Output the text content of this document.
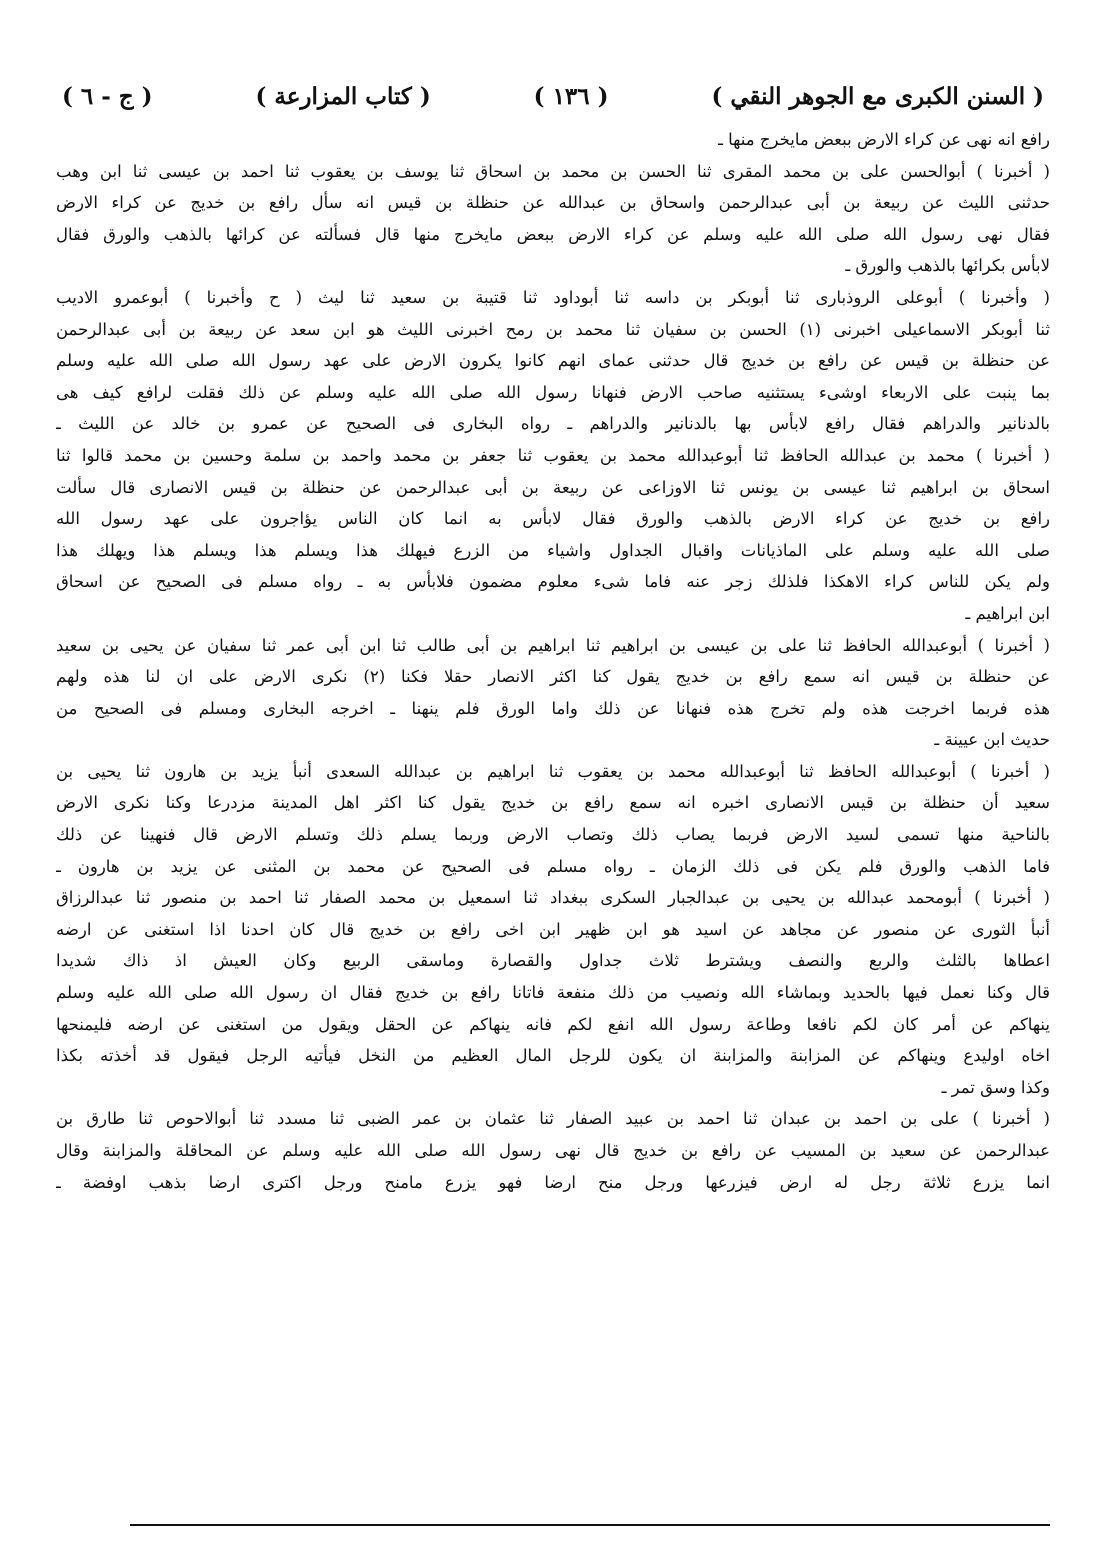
( السنن الكبرى مع الجوهر النقي )
( ١٣٦ )
( كتاب المزارعة )
( ج - ٦ )
رافع انه نهى عن كراء الارض ببعض مايخرج منها ـ
( أخبرنا ) أبوالحسن على بن محمد المقرى ثنا الحسن بن محمد بن اسحاق ثنا يوسف بن يعقوب ثنا احمد بن عيسى ثنا ابن وهب
حدثنى الليث عن ربيعة بن أبى عبدالرحمن واسحاق بن عبدالله عن حنظلة بن قيس انه سأل رافع بن خديج عن كراء الارض
فقال نهى رسول الله صلى الله عليه وسلم عن كراء الارض ببعض مايخرج منها قال فسألته عن كرائها بالذهب والورق فقال
لابأس بكرائها بالذهب والورق ـ
( وأخبرنا ) أبوعلى الروذبارى ثنا أبوبكر بن داسه ثنا أبوداود ثنا قتيبة بن سعيد ثنا ليث ( ح وأخبرنا ) أبوعمرو الاديب
ثنا أبوبكر الاسماعيلى اخبرنى (١) الحسن بن سفيان ثنا محمد بن رمح اخبرنى الليث هو ابن سعد عن ربيعة بن أبى عبدالرحمن
عن حنظلة بن قيس عن رافع بن خديج قال حدثنى عماى انهم كانوا يكرون الارض على عهد رسول الله صلى الله عليه وسلم
بما ينبت على الاربعاء اوشىء يستثنيه صاحب الارض فنهانا رسول الله صلى الله عليه وسلم عن ذلك فقلت لرافع كيف هى
بالدنانير والدراهم فقال رافع لابأس بها بالدنانير والدراهم ـ رواه البخارى فى الصحيح عن عمرو بن خالد عن الليث ـ
( أخبرنا ) محمد بن عبدالله الحافظ ثنا أبوعبدالله محمد بن يعقوب ثنا جعفر بن محمد واحمد بن سلمة وحسين بن محمد قالوا ثنا
اسحاق بن ابراهيم ثنا عيسى بن يونس ثنا الاوزاعى عن ربيعة بن أبى عبدالرحمن عن حنظلة بن قيس الانصارى قال سألت
رافع بن خديج عن كراء الارض بالذهب والورق فقال لابأس به انما كان الناس يؤاجرون على عهد رسول الله
صلى الله عليه وسلم على الماذيانات واقبال الجداول واشياء من الزرع فيهلك هذا ويسلم هذا ويسلم هذا ويهلك هذا
ولم يكن للناس كراء الاهكذا فلذلك زجر عنه فاما شىء معلوم مضمون فلابأس به ـ رواه مسلم فى الصحيح عن اسحاق
ابن ابراهيم ـ
( أخبرنا ) أبوعبدالله الحافظ ثنا على بن عيسى بن ابراهيم ثنا ابراهيم بن أبى طالب ثنا ابن أبى عمر ثنا سفيان عن يحيى بن سعيد
عن حنظلة بن قيس انه سمع رافع بن خديج يقول كنا اكثر الانصار حقلا فكنا (٢) نكرى الارض على ان لنا هذه ولهم
هذه فربما اخرجت هذه ولم تخرج هذه فنهانا عن ذلك واما الورق فلم ينهنا ـ اخرجه البخارى ومسلم فى الصحيح من
حديث ابن عيينة ـ
( أخبرنا ) أبوعبدالله الحافظ ثنا أبوعبدالله محمد بن يعقوب ثنا ابراهيم بن عبدالله السعدى أنبأ يزيد بن هارون ثنا يحيى بن
سعيد أن حنظلة بن قيس الانصارى اخبره انه سمع رافع بن خديج يقول كنا اكثر اهل المدينة مزدرعا وكنا نكرى الارض
بالناحية منها تسمى لسيد الارض فربما يصاب ذلك وتصاب الارض وربما يسلم ذلك وتسلم الارض قال فنهينا عن ذلك
فاما الذهب والورق فلم يكن فى ذلك الزمان ـ رواه مسلم فى الصحيح عن محمد بن المثنى عن يزيد بن هارون ـ
( أخبرنا ) أبومحمد عبدالله بن يحيى بن عبدالجبار السكرى ببغداد ثنا اسمعيل بن محمد الصفار ثنا احمد بن منصور ثنا عبدالرزاق
أنبأ الثورى عن منصور عن مجاهد عن اسيد هو ابن ظهير ابن اخى رافع بن خديج قال كان احدنا اذا استغنى عن ارضه
اعطاها بالثلث والربع والنصف ويشترط ثلاث جداول والقصارة وماسقى الربيع وكان العيش اذ ذاك شديدا
قال وكنا نعمل فيها بالحديد وبماشاء الله ونصيب من ذلك منفعة فاتانا رافع بن خديج فقال ان رسول الله صلى الله عليه وسلم
ينهاكم عن أمر كان لكم نافعا وطاعة رسول الله انفع لكم فانه ينهاكم عن الحقل ويقول من استغنى عن ارضه فليمنحها
اخاه اوليدع وينهاكم عن المزابنة والمزابنة ان يكون للرجل المال العظيم من النخل فيأتيه الرجل فيقول قد أخذته بكذا
وكذا وسق تمر ـ
( أخبرنا ) على بن احمد بن عبدان ثنا احمد بن عبيد الصفار ثنا عثمان بن عمر الضبى ثنا مسدد ثنا أبوالاحوص ثنا طارق بن
عبدالرحمن عن سعيد بن المسيب عن رافع بن خديج قال نهى رسول الله صلى الله عليه وسلم عن المحاقلة والمزابنة وقال
انما يزرع ثلاثة رجل له ارض فيزرعها ورجل منح ارضا فهو يزرع مامنح ورجل اكترى ارضا بذهب اوفضة ـ
